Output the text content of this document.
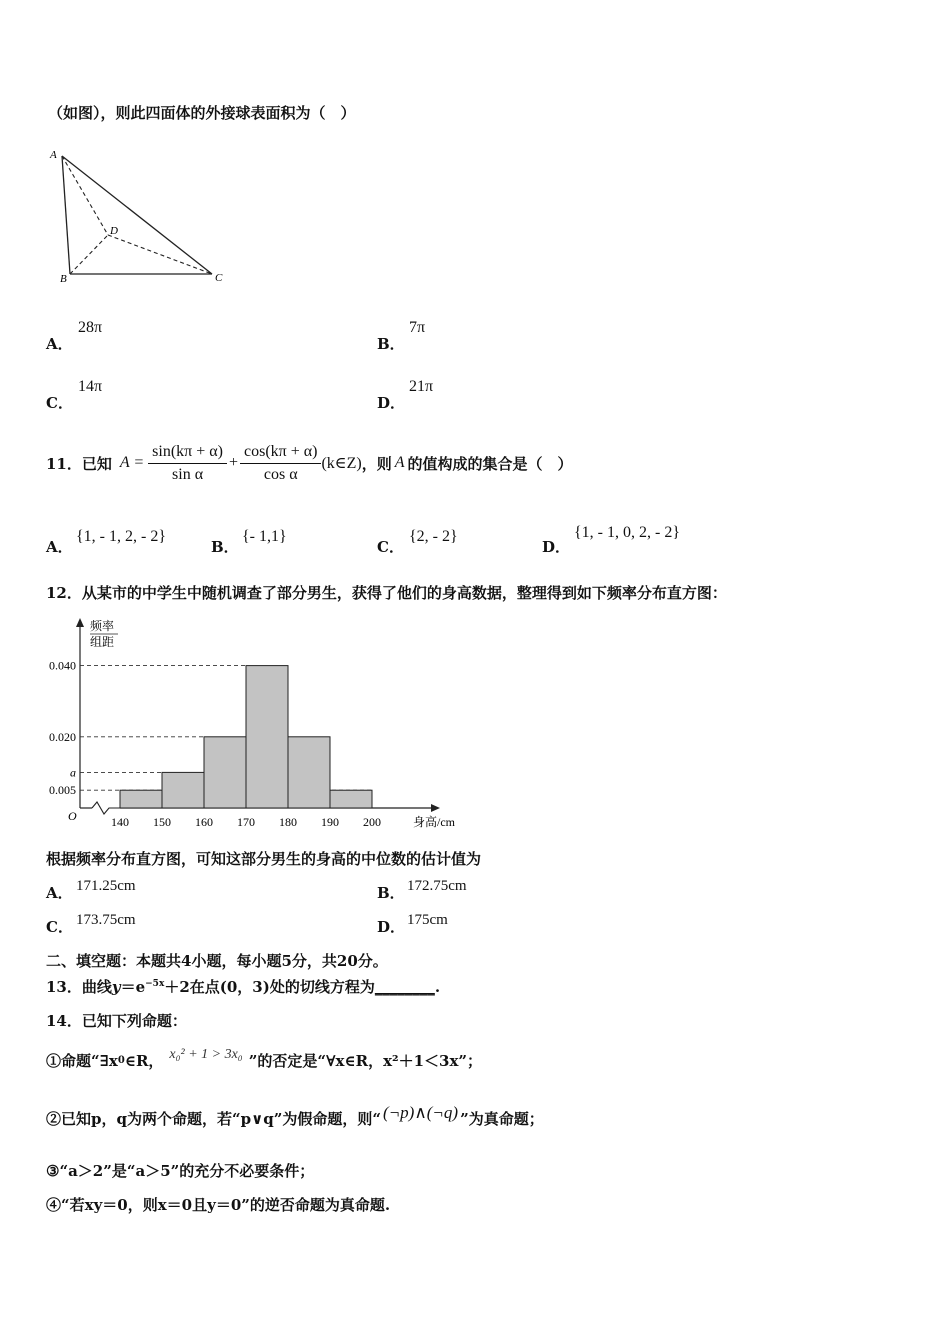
（如图），则此四面体的外接球表面积为（　）
A
B	C
D
A．
28π
B．
7π
C．
14π
D．
21π
11．已知 $A = \frac{\sin(k\pi + \alpha)}{\text{sin α}} + \frac{\cos(k\pi + \alpha)}{\text{cos α}}$ (k∈Z) ，则 A 的值构成的集合是（　）
A．
{1, - 1, 2, - 2}
B．
{- 1,1}
C．
{2, - 2}
D．
{1, - 1, 0, 2, - 2}
12．从某市的中学生中随机调查了部分男生，获得了他们的身高数据，整理得到如下频率分布直方图：
频率
组距
身高/cm
O	140 150 160 170 180 190 200
0.040
0.020
a
0.005
根据频率分布直方图，可知这部分男生的身高的中位数的估计值为
A． 171.25cm	B． 172.75cm
C． 173.75cm	D． 175cm
二、填空题：本题共4小题，每小题5分，共20分。
13．曲线$y=e^{-5x}+2$在点(0，3)处的切线方程为________.
14．已知下列命题：
①命题“∃x 0 ∈R， x₀² + 1 > 3x₀ ”的否定是“∀x∈R，x²＋1＜3x”；
②已知p，q为两个命题，若“p∨q”为假命题，则“ (¬p)∧(¬q) ”为真命题；
③“a＞2”是“a＞5”的充分不必要条件；
④“若xy＝0，则x＝0且y＝0”的逆否命题为真命题.
